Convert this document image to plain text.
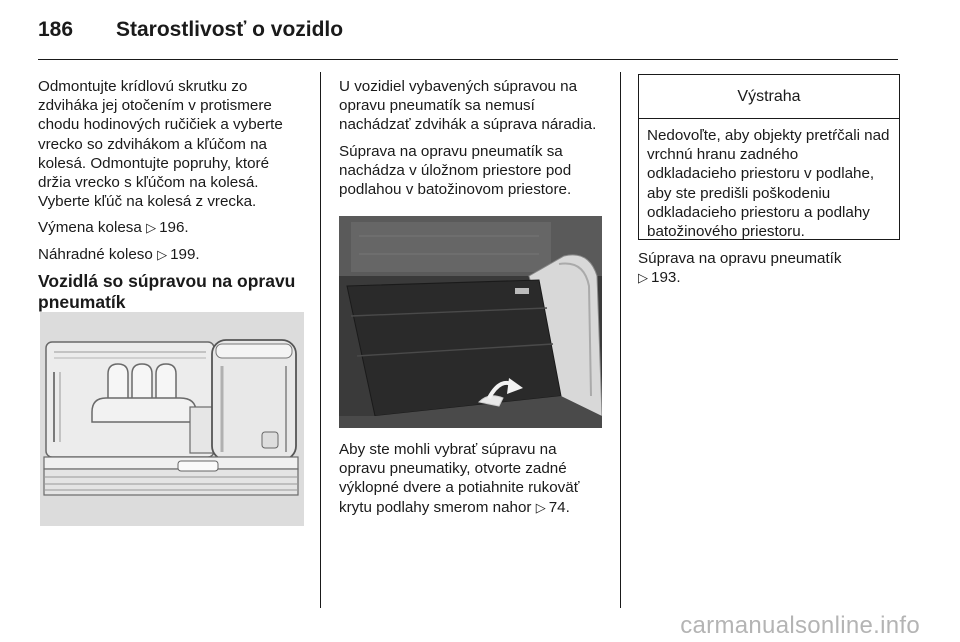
186 Starostlivosť o vozidlo

Odmontujte krídlovú skrutku zo zdviháka jej otočením v protismere chodu hodinových ručičiek a vyberte vrecko so zdvihákom a kľúčom na kolesá. Odmontujte popruhy, ktoré držia vrecko s kľúčom na kolesá. Vyberte kľúč na kolesá z vrecka.

Výmena kolesa ▷ 196.

Náhradné koleso ▷ 199.

Vozidlá so súpravou na opravu pneumatík

U vozidiel vybavených súpravou na opravu pneumatík sa nemusí nachádzať zdvihák a súprava náradia.

Súprava na opravu pneumatík sa nachádza v úložnom priestore pod podlahou v batožinovom priestore.

Aby ste mohli vybrať súpravu na opravu pneumatiky, otvorte zadné výklopné dvere a potiahnite rukoväť krytu podlahy smerom nahor ▷ 74.

Výstraha
Nedovoľte, aby objekty pretŕčali nad vrchnú hranu zadného odkladacieho priestoru v podlahe, aby ste predišli poškodeniu odkladacieho priestoru a podlahy batožinového priestoru.

Súprava na opravu pneumatík
▷ 193.

carmanualsonline.info
